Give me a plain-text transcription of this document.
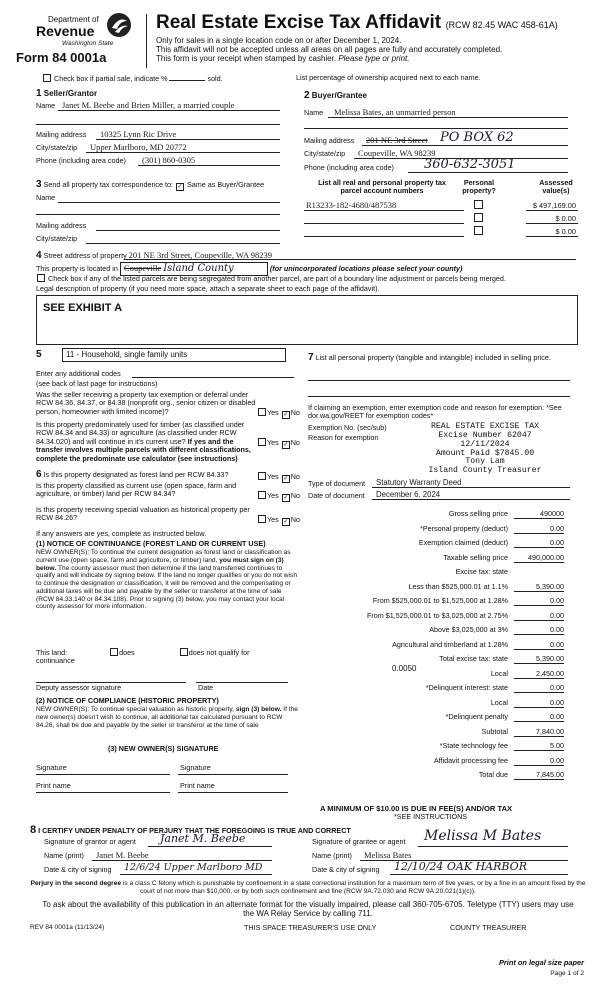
Department of
Revenue
Washington State
Form 84 0001a
Real Estate Excise Tax Affidavit (RCW 82.45 WAC 458-61A)
Only for sales in a single location code on or after December 1, 2024.
This affidavit will not be accepted unless all areas on all pages are fully and accurately completed.
This form is your receipt when stamped by cashier. Please type or print.
Check box if partial sale, indicate %	sold.	List percentage of ownership acquired next to each name.
1 Seller/Grantor
Name Janet M. Beebe and Brien Miller, a married couple
Mailing address 10325 Lynn Ric Drive
City/state/zip Upper Marlboro, MD 20772
Phone (including area code) (301) 860-0305
2 Buyer/Grantee
Name Melissa Bates, an unmarried person
Mailing address 201 NE 3rd Street PO BOX 62
City/state/zip Coupeville, WA 98239
Phone (including area code) 360-632-3051
3 Send all property tax correspondence to: ✓ Same as Buyer/Grantee
Name
Mailing address
City/state/zip
List all real and personal property tax parcel account numbers
Personal property?
Assessed value(s)
R13233-182-4680/487538	$ 497,169.00
$ 0.00
$ 0.00
4 Street address of property 201 NE 3rd Street, Coupeville, WA 98239
This property is located in Coupeville Island County	(for unincorporated locations please select your county)
Check box if any of the listed parcels are being segregated from another parcel, are part of a boundary line adjustment or parcels being merged.
Legal description of property (if you need more space, attach a separate sheet to each page of the affidavit).
SEE EXHIBIT A
5	11 - Household, single family units
Enter any additional codes
(see back of last page for instructions)
Was the seller receiving a property tax exemption or deferral under RCW 84.36, 84.37, or 84.38 (nonprofit org., senior citizen or disabled person, homeowner with limited income)?	Yes ✓ No
Is this property predominately used for timber (as classified under RCW 84.34 and 84.33) or agriculture (as classified under RCW 84.34.020) and will continue in it's current use? If yes and the transfer involves multiple parcels with different classifications, complete the predominate use calculator (see instructions)
Yes ✓ No
6 Is this property designated as forest land per RCW 84.33?	Yes ✓ No
Is this property classified as current use (open space, farm and agriculture, or timber) land per RCW 84.34?	Yes ✓ No
Is this property receiving special valuation as historical property per RCW 84.26?	Yes ✓ No
If any answers are yes, complete as instructed below.
(1) NOTICE OF CONTINUANCE (FOREST LAND OR CURRENT USE)
NEW OWNER(S): To continue the current designation as forest land or classification as current use (open space, farm and agriculture, or timber) land, you must sign on (3) below. The county assessor must then determine if the land transferred continues to qualify and will indicate by signing below. If the land no longer qualifies or you do not wish to continue the designation or classification, it will be removed and the compensating or additional taxes will be due and payable by the seller or transferor at the time of sale (RCW 84.33.140 or 84.34.108). Prior to signing (3) below, you may contact your local county assessor for more information.
This land:	does	does not qualify for
continuance
Deputy assessor signature	Date
(2) NOTICE OF COMPLIANCE (HISTORIC PROPERTY)
NEW OWNER(S): To continue special valuation as historic property, sign (3) below. If the new owner(s) doesn't wish to continue, all additional tax calculated pursuant to RCW 84.26, shall be due and payable by the seller or transferor at the time of sale
(3) NEW OWNER(S) SIGNATURE
Signature	Signature
Print name	Print name
7 List all personal property (tangible and intangible) included in selling price.
If claiming an exemption, enter exemption code and reason for exemption. *See dor.wa.gov/REET for exemption codes*
Exemption No. (sec/sub)
Reason for exemption
REAL ESTATE EXCISE TAX
Excise Number 62047
12/11/2024
Amount Paid $7845.00
Tony Lam
Island County Treasurer
Type of document Statutory Warranty Deed
Date of document December 6, 2024
Gross selling price	490000
*Personal property (deduct)	0.00
Exemption claimed (deduct)	0.00
Taxable selling price	490,000.00
Excise tax: state
Less than $525,000.01 at 1.1%	5,390.00
From $525,000.01 to $1,525,000 at 1.28%	0.00
From $1,525,000.01 to $3,025,000 at 2.75%	0.00
Above $3,025,000 at 3%	0.00
Agricultural and timberland at 1.28%	0.00
Total excise tax: state	5,390.00
Local	2,450.00
*Delinquent interest: state	0.00
Local	0.00
*Delinquent penalty	0.00
Subtotal	7,840.00
*State technology fee	5.00
Affidavit processing fee	0.00
Total due	7,845.00
0.0050
A MINIMUM OF $10.00 IS DUE IN FEE(S) AND/OR TAX
*SEE INSTRUCTIONS
8 I CERTIFY UNDER PENALTY OF PERJURY THAT THE FOREGOING IS TRUE AND CORRECT
Signature of grantor or agent Janet M. Beebe
Name (print) Janet M. Beebe
Date & city of signing 12/6/24 Upper Marlboro MD
Signature of grantee or agent Melissa M Bates
Name (print) Melissa Bates
Date & city of signing 12/10/24 OAK HARBOR
Perjury in the second degree is a class C felony which is punishable by confinement in a state correctional institution for a maximum term of five years, or by a fine in an amount fixed by the court of not more than $10,000, or by both such confinement and fine (RCW 9A.72.030 and RCW 9A.20.021(1)(c)).
To ask about the availability of this publication in an alternate format for the visually impaired, please call 360-705-6705. Teletype (TTY) users may use the WA Relay Service by calling 711.
REV 84 0001a (11/13/24)	THIS SPACE TREASURER'S USE ONLY	COUNTY TREASURER
Print on legal size paper
Page 1 of 2
